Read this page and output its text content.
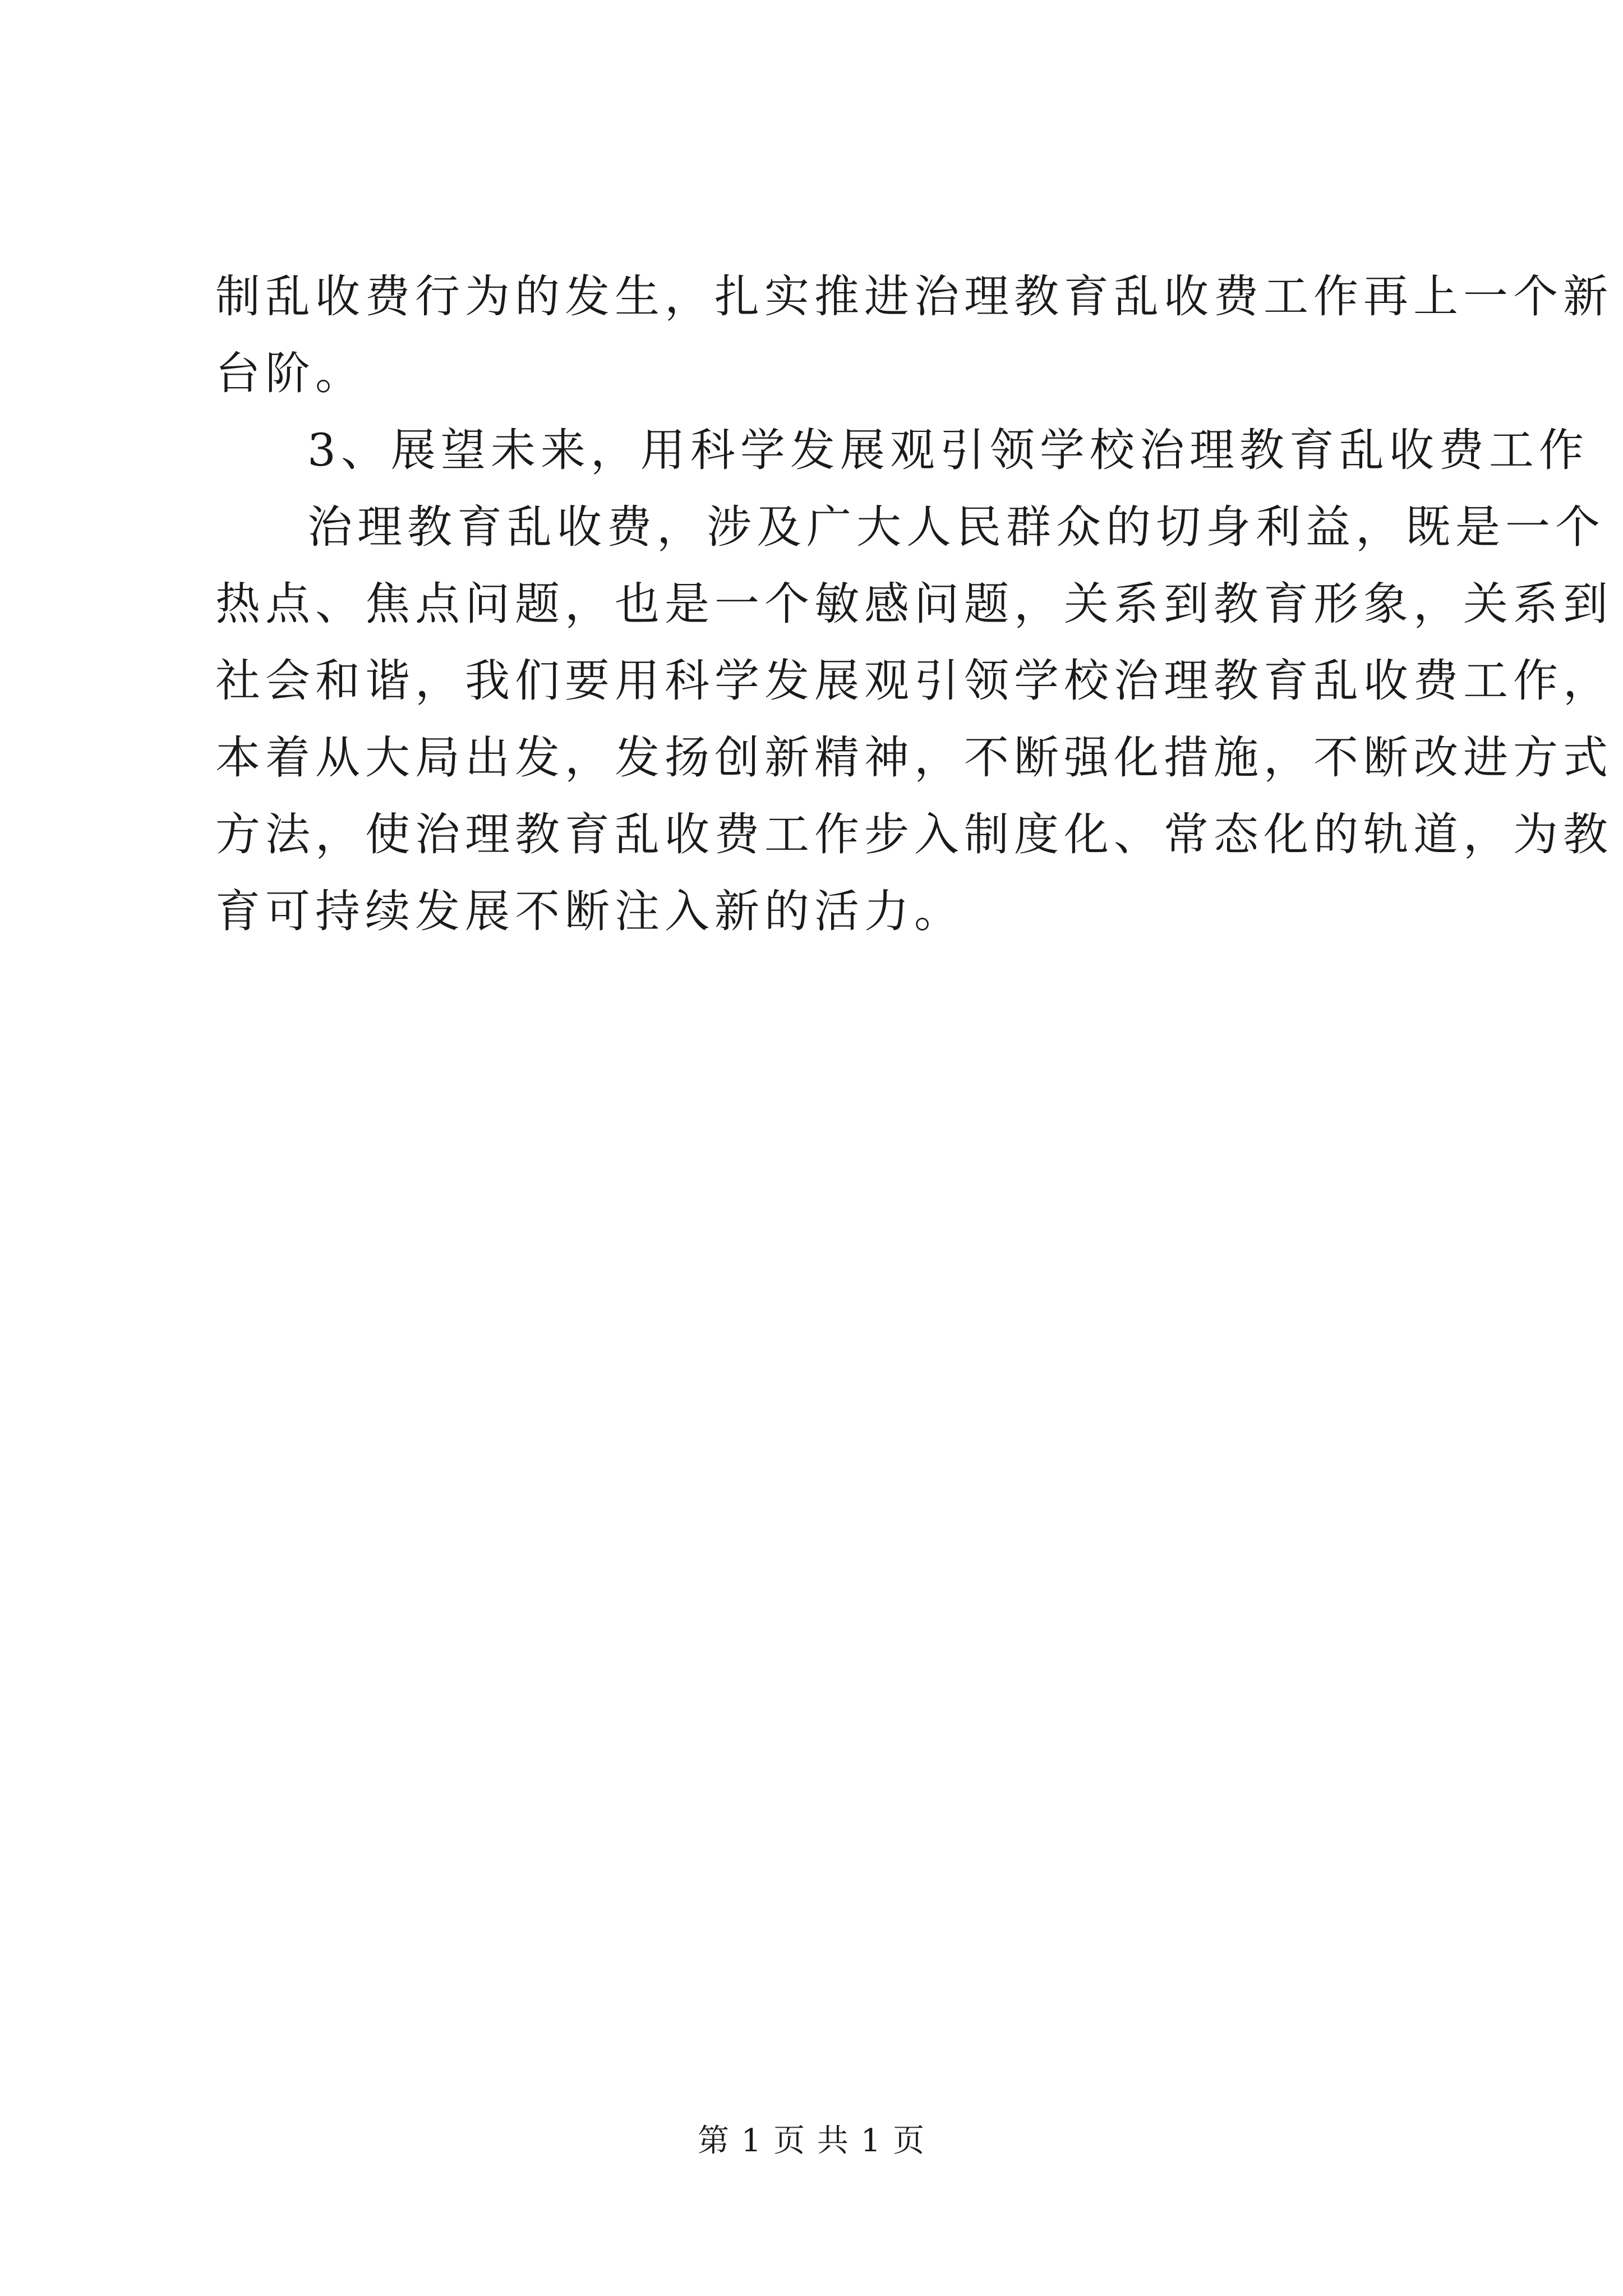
制乱收费行为的发生，扎实推进治理教育乱收费工作再上一个新
台阶。
3、展望未来，用科学发展观引领学校治理教育乱收费工作
治理教育乱收费，涉及广大人民群众的切身利益，既是一个
热点、焦点问题，也是一个敏感问题，关系到教育形象，关系到
社会和谐，我们要用科学发展观引领学校治理教育乱收费工作，
本着从大局出发，发扬创新精神，不断强化措施，不断改进方式
方法，使治理教育乱收费工作步入制度化、常态化的轨道，为教
育可持续发展不断注入新的活力。
第 1 页 共 1 页
